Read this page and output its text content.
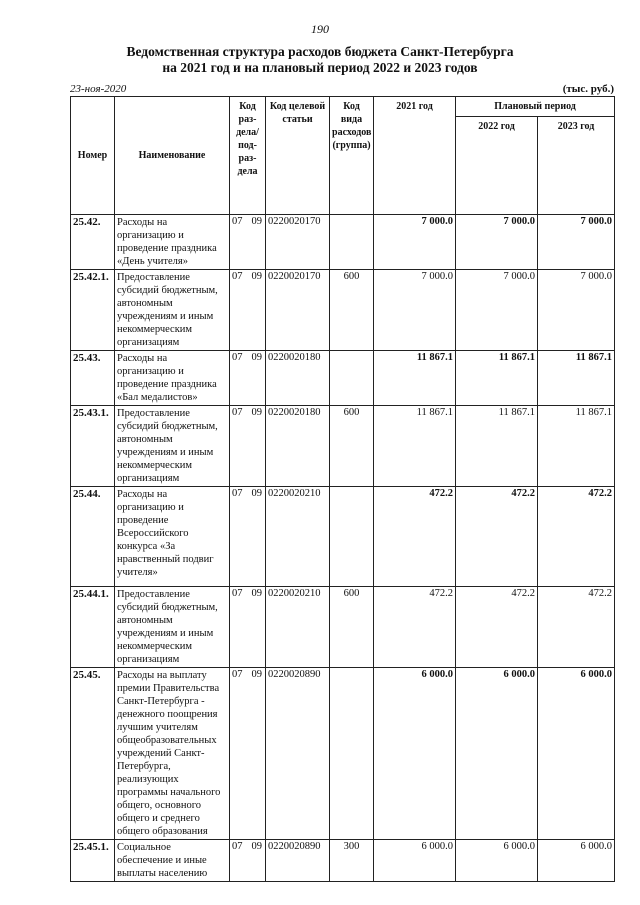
190
Ведомственная структура расходов бюджета Санкт-Петербурга
на 2021 год и на плановый период 2022 и 2023 годов
23-ноя-2020	(тыс. руб.)
Номер	Наименование	Код раз-дела/ под-раз-дела		Код целевой статьи	Код вида расходов (группа)	2021 год	Плановый период	
							2022 год	2023 год
25.42.	Расходы на организацию и проведение праздника «День учителя»	07	09	0220020170		7 000.0	7 000.0	7 000.0
25.42.1.	Предоставление субсидий бюджетным, автономным учреждениям и иным некоммерческим организациям	07	09	0220020170	600	7 000.0	7 000.0	7 000.0
25.43.	Расходы на организацию и проведение праздника «Бал медалистов»	07	09	0220020180		11 867.1	11 867.1	11 867.1
25.43.1.	Предоставление субсидий бюджетным, автономным учреждениям и иным некоммерческим организациям	07	09	0220020180	600	11 867.1	11 867.1	11 867.1
25.44.	Расходы на организацию и проведение Всероссийского конкурса «За нравственный подвиг учителя»	07	09	0220020210		472.2	472.2	472.2
25.44.1.	Предоставление субсидий бюджетным, автономным учреждениям и иным некоммерческим организациям	07	09	0220020210	600	472.2	472.2	472.2
25.45.	Расходы на выплату премии Правительства Санкт-Петербурга - денежного поощрения лучшим учителям общеобразовательных учреждений Санкт-Петербурга, реализующих программы начального общего, основного общего и среднего общего образования	07	09	0220020890		6 000.0	6 000.0	6 000.0
25.45.1.	Социальное обеспечение и иные выплаты населению	07	09	0220020890	300	6 000.0	6 000.0	6 000.0
